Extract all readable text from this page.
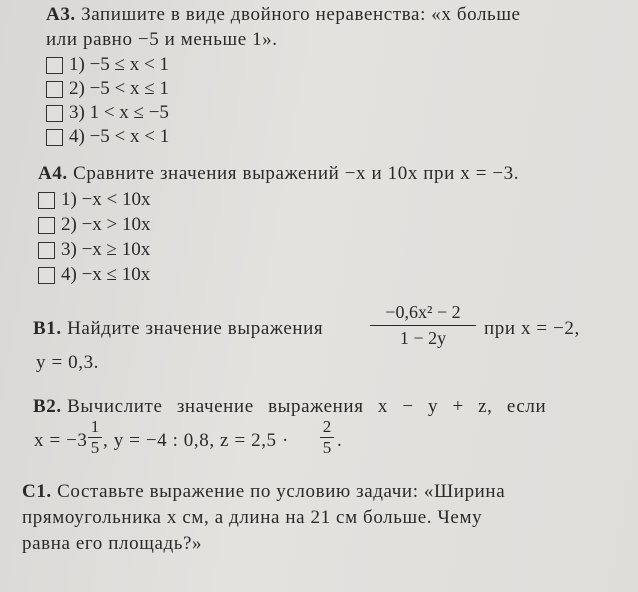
А3. Запишите в виде двойного неравенства: «x больше
или равно −5 и меньше 1».
1) −5 ≤ x < 1
2) −5 < x ≤ 1
3) 1 < x ≤ −5
4) −5 < x < 1
А4. Сравните значения выражений −x и 10x при x = −3.
1) −x < 10x
2) −x > 10x
3) −x ≥ 10x
4) −x ≤ 10x
В1. Найдите значение выражения
−0,6x² − 2
1 − 2y	при x = −2,
y = 0,3.
В2. Вычислите значение выражения x − y + z, если
x = −3
1
5 , y = −4 : 0,8, z = 2,5 ·
2
5 .
С1. Составьте выражение по условию задачи: «Ширина
прямоугольника x см, а длина на 21 см больше. Чему
равна его площадь?»
